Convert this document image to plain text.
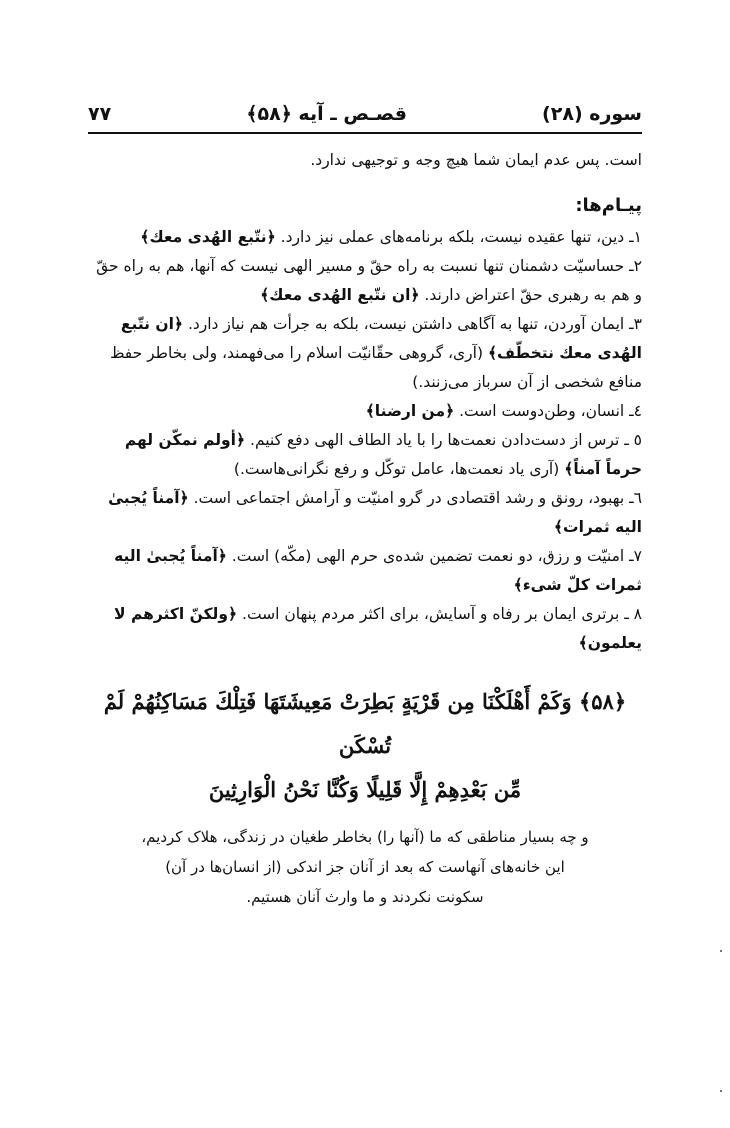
۷۷	قصـص ـ آیه ﴿۵۸﴾	سوره (۲۸)

است. پس عدم ایمان شما هیچ وجه و توجیهی ندارد.

پیـام‌ها:

۱ـ دین، تنها عقیده نیست، بلکه برنامه‌های عملی نیز دارد. ﴿نتّبع الهُدی معك﴾

۲ـ حساسیّت دشمنان تنها نسبت به راه حقّ و مسیر الهی نیست که آنها، هم به راه حقّ و هم به رهبری حقّ اعتراض دارند. ﴿ان نتّبع الهُدی معك﴾

۳ـ ایمان آوردن، تنها به آگاهی داشتن نیست، بلکه به جرأت هم نیاز دارد. ﴿ان نتّبع الهُدی معك نتخطّف﴾ (آری، گروهی حقّانیّت اسلام را می‌فهمند، ولی بخاطر حفظ منافع شخصی از آن سرباز می‌زنند.)

٤ـ انسان، وطن‌دوست است. ﴿من ارضنا﴾

٥ ـ ترس از دست‌دادن نعمت‌ها را با یاد الطاف الهی دفع کنیم. ﴿أولم نمكّن لهم حرماً آمناً﴾ (آری یاد نعمت‌ها، عامل توکّل و رفع نگرانی‌هاست.)

٦ـ بهبود، رونق و رشد اقتصادی در گرو امنیّت و آرامش اجتماعی است. ﴿آمناً يُجبىٰ اليه ثمرات﴾

۷ـ امنیّت و رزق، دو نعمت تضمین شده‌ی حرم الهی (مکّه) است. ﴿آمناً يُجبىٰ اليه ثمرات كلّ شیء﴾

۸ ـ برتری ایمان بر رفاه و آسایش، برای اکثر مردم پنهان است. ﴿ولكنّ اكثرهم لا يعلمون﴾

﴿۵۸﴾ وَكَمْ أَهْلَكْنَا مِن قَرْيَةٍ بَطِرَتْ مَعِيشَتَهَا فَتِلْكَ مَسَاكِنُهُمْ لَمْ تُسْكَن
مِّن بَعْدِهِمْ إِلَّا قَلِيلًا وَكُنَّا نَحْنُ الْوَارِثِينَ
و چه بسیار مناطقی که ما (آنها را) بخاطر طغیان در زندگی، هلاک کردیم،
این خانه‌های آنهاست که بعد از آنان جز اندکی (از انسان‌ها در آن)
سکونت نکردند و ما وارث آنان هستیم.
